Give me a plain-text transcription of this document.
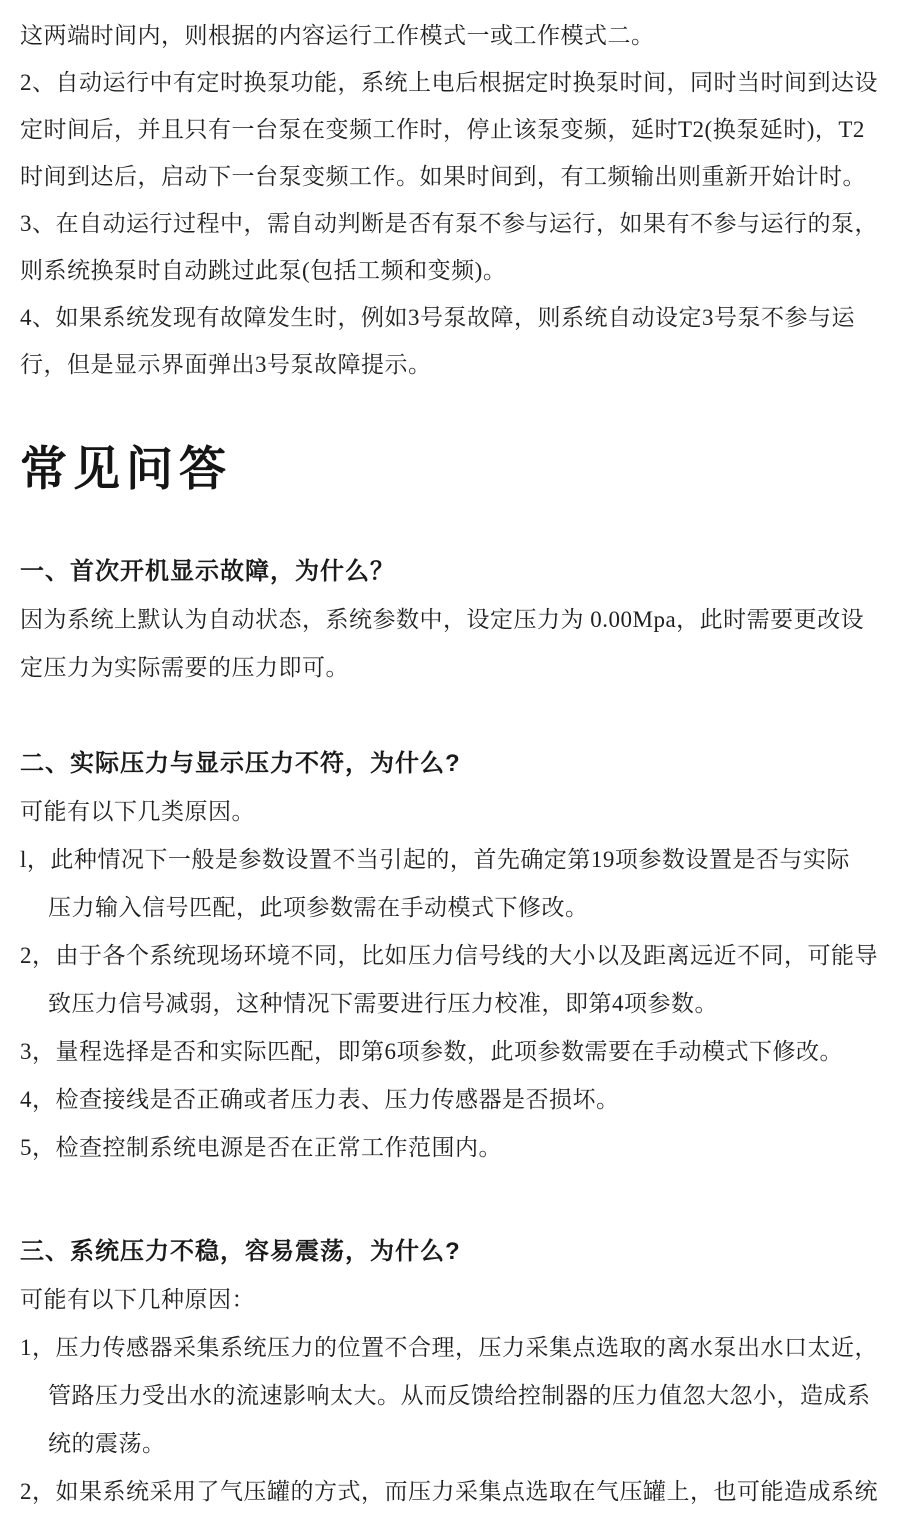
这两端时间内，则根据的内容运行工作模式一或工作模式二。

2、自动运行中有定时换泵功能，系统上电后根据定时换泵时间，同时当时间到达设

定时间后，并且只有一台泵在变频工作时，停止该泵变频，延时T2(换泵延时)，T2

时间到达后，启动下一台泵变频工作。如果时间到，有工频输出则重新开始计时。

3、在自动运行过程中，需自动判断是否有泵不参与运行，如果有不参与运行的泵，

则系统换泵时自动跳过此泵(包括工频和变频)。

4、如果系统发现有故障发生时，例如3号泵故障，则系统自动设定3号泵不参与运

行，但是显示界面弹出3号泵故障提示。

常见问答

一、首次开机显示故障，为什么？

因为系统上默认为自动状态，系统参数中，设定压力为 0.00Mpa，此时需要更改设

定压力为实际需要的压力即可。

二、实际压力与显示压力不符，为什么?

可能有以下几类原因。

l，此种情况下一般是参数设置不当引起的，首先确定第19项参数设置是否与实际

压力输入信号匹配，此项参数需在手动模式下修改。

2，由于各个系统现场环境不同，比如压力信号线的大小以及距离远近不同，可能导

致压力信号减弱，这种情况下需要进行压力校准，即第4项参数。

3，量程选择是否和实际匹配，即第6项参数，此项参数需要在手动模式下修改。

4，检查接线是否正确或者压力表、压力传感器是否损坏。

5，检查控制系统电源是否在正常工作范围内。

三、系统压力不稳，容易震荡，为什么?

可能有以下几种原因：

1，压力传感器采集系统压力的位置不合理，压力采集点选取的离水泵出水口太近，

管路压力受出水的流速影响太大。从而反馈给控制器的压力值忽大忽小，造成系

统的震荡。

2，如果系统采用了气压罐的方式，而压力采集点选取在气压罐上，也可能造成系统
